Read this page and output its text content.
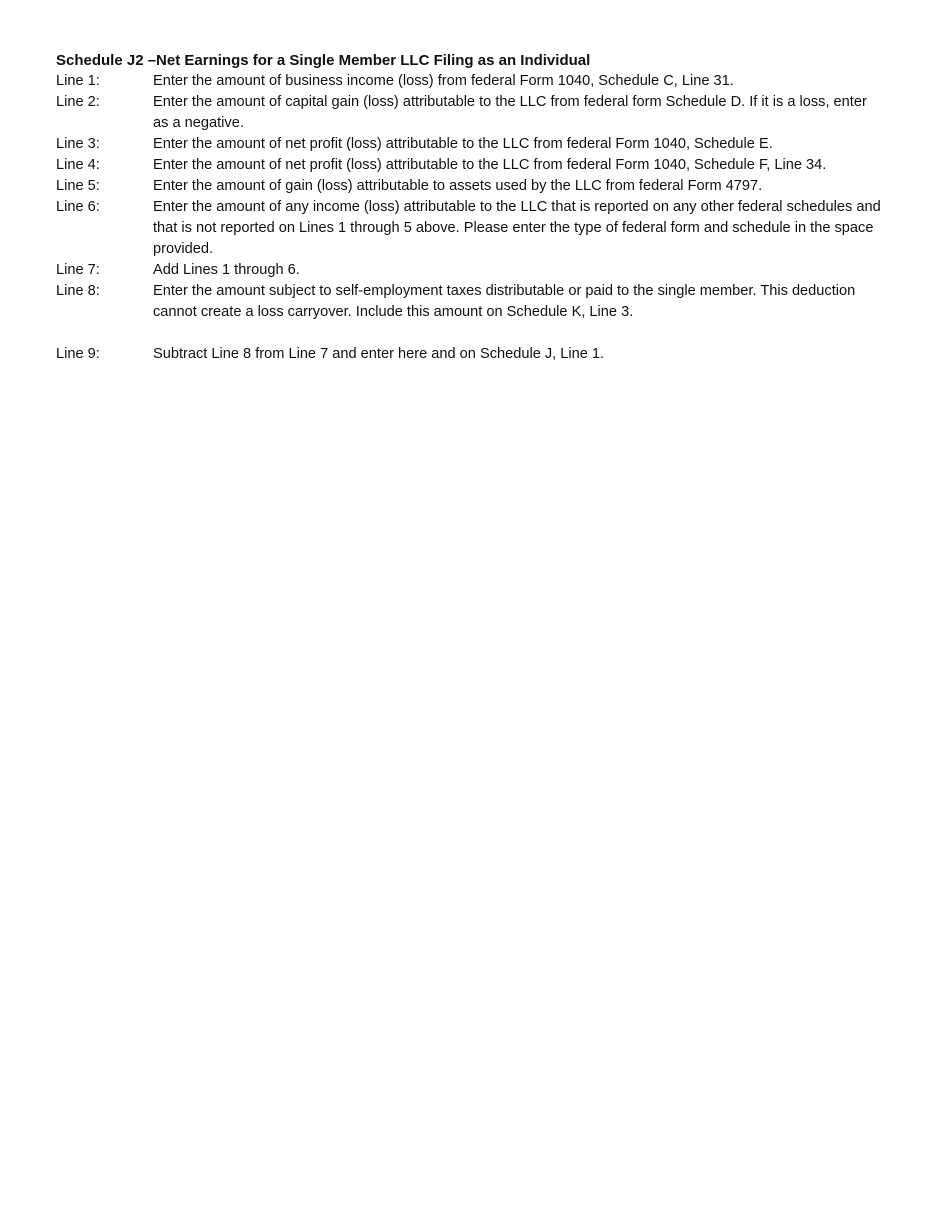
Schedule J2 –Net Earnings for a Single Member LLC Filing as an Individual
Line 1:	Enter the amount of business income (loss) from federal Form 1040, Schedule C, Line 31.
Line 2:	Enter the amount of capital gain (loss) attributable to the LLC from federal form Schedule D. If it is a loss, enter as a negative.
Line 3:	Enter the amount of net profit (loss) attributable to the LLC from federal Form 1040, Schedule E.
Line 4:	Enter the amount of net profit (loss) attributable to the LLC from federal Form 1040, Schedule F, Line 34.
Line 5:	Enter the amount of gain (loss) attributable to assets used by the LLC from federal Form 4797.
Line 6:	Enter the amount of any income (loss) attributable to the LLC that is reported on any other federal schedules and that is not reported on Lines 1 through 5 above. Please enter the type of federal form and schedule in the space provided.
Line 7:	Add Lines 1 through 6.
Line 8:	Enter the amount subject to self-employment taxes distributable or paid to the single member. This deduction cannot create a loss carryover. Include this amount on Schedule K, Line 3.
Line 9:	Subtract Line 8 from Line 7 and enter here and on Schedule J, Line 1.
